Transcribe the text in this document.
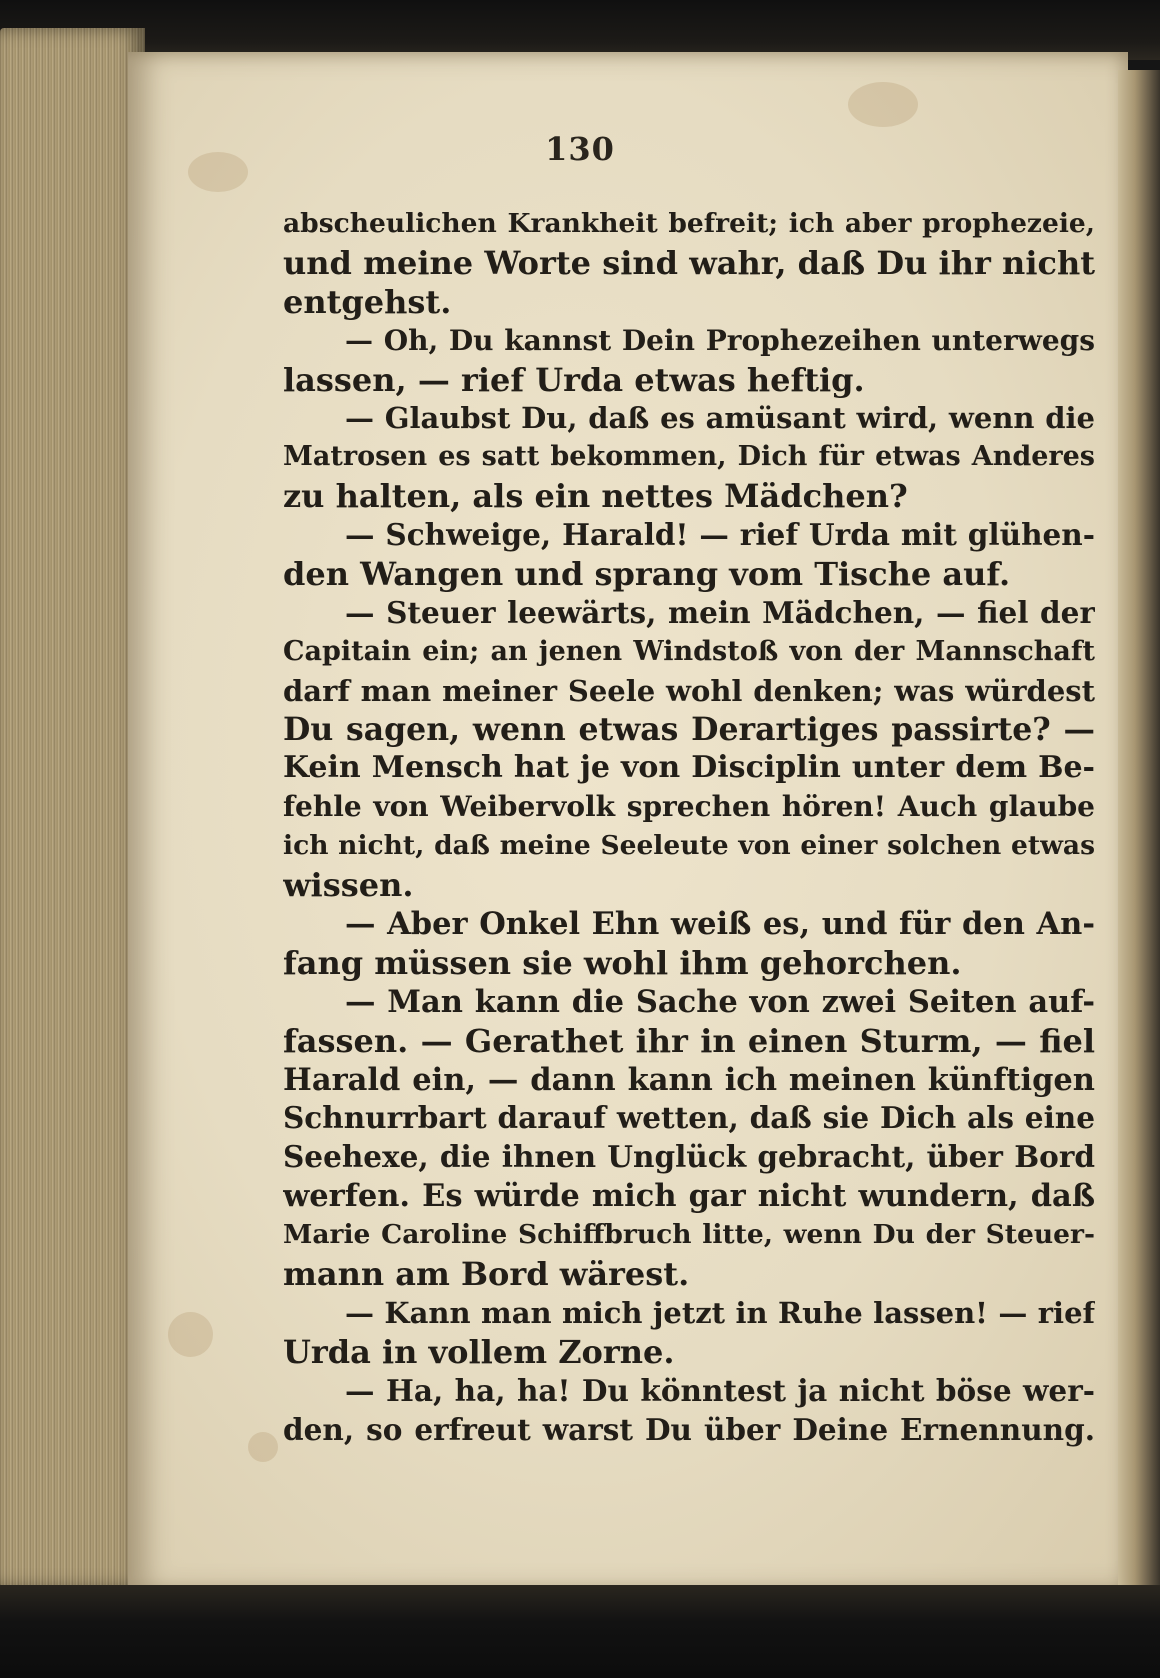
130
abscheulichen Krankheit befreit; ich aber prophezeie,
und meine Worte sind wahr, daß Du ihr nicht
entgehst.
— Oh, Du kannst Dein Prophezeihen unterwegs
lassen, — rief Urda etwas heftig.
— Glaubst Du, daß es amüsant wird, wenn die
Matrosen es satt bekommen, Dich für etwas Anderes
zu halten, als ein nettes Mädchen?
— Schweige, Harald! — rief Urda mit glühen-
den Wangen und sprang vom Tische auf.
— Steuer leewärts, mein Mädchen, — fiel der
Capitain ein; an jenen Windstoß von der Mannschaft
darf man meiner Seele wohl denken; was würdest
Du sagen, wenn etwas Derartiges passirte? —
Kein Mensch hat je von Disciplin unter dem Be-
fehle von Weibervolk sprechen hören! Auch glaube
ich nicht, daß meine Seeleute von einer solchen etwas
wissen.
— Aber Onkel Ehn weiß es, und für den An-
fang müssen sie wohl ihm gehorchen.
— Man kann die Sache von zwei Seiten auf-
fassen. — Gerathet ihr in einen Sturm, — fiel
Harald ein, — dann kann ich meinen künftigen
Schnurrbart darauf wetten, daß sie Dich als eine
Seehexe, die ihnen Unglück gebracht, über Bord
werfen. Es würde mich gar nicht wundern, daß
Marie Caroline Schiffbruch litte, wenn Du der Steuer-
mann am Bord wärest.
— Kann man mich jetzt in Ruhe lassen! — rief
Urda in vollem Zorne.
— Ha, ha, ha! Du könntest ja nicht böse wer-
den, so erfreut warst Du über Deine Ernennung.
